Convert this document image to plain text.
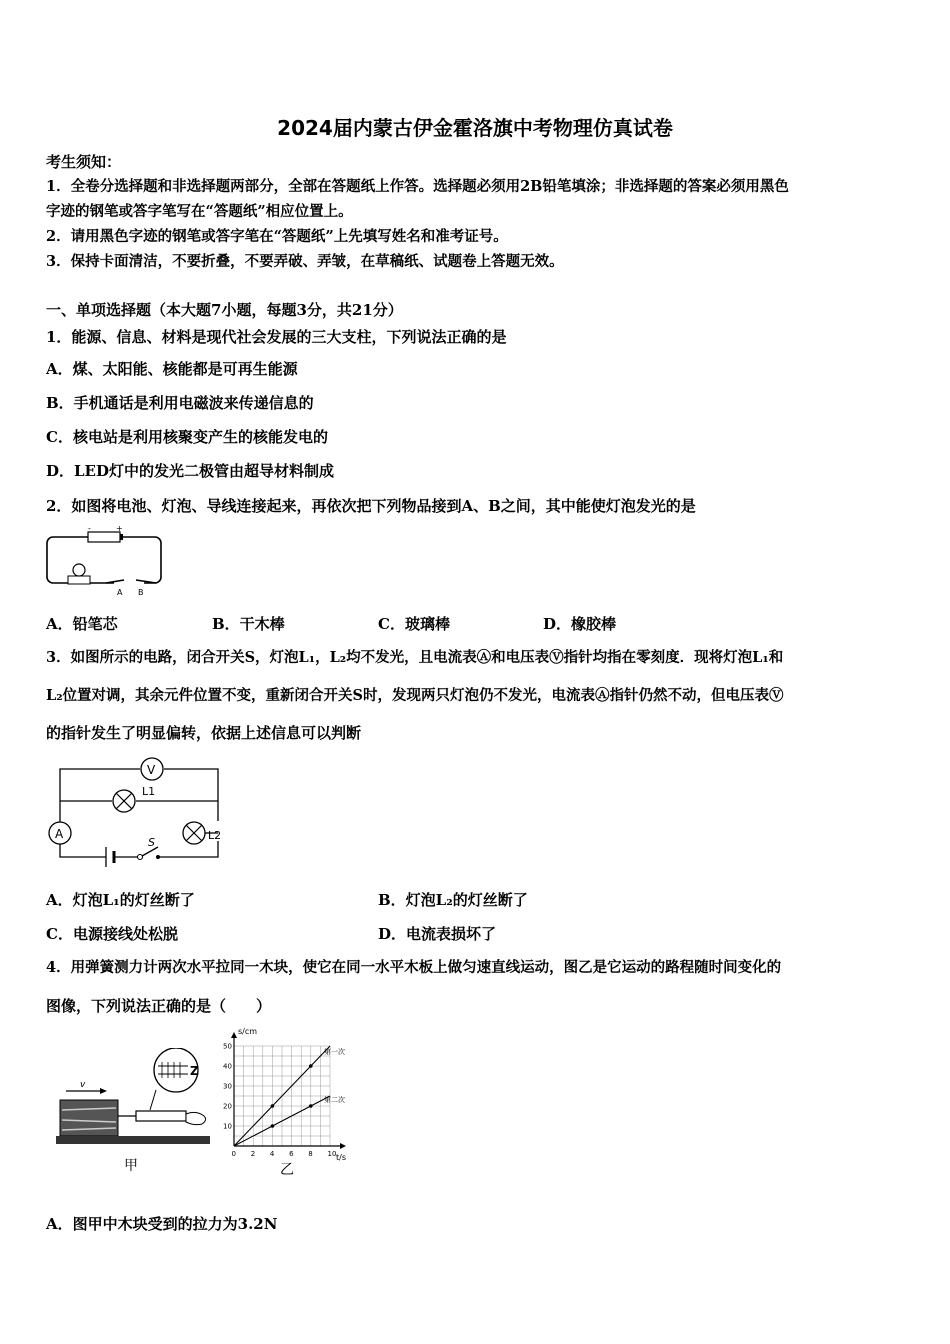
2024届内蒙古伊金霍洛旗中考物理仿真试卷
考生须知：
1．全卷分选择题和非选择题两部分，全部在答题纸上作答。选择题必须用2B铅笔填涂；非选择题的答案必须用黑色
字迹的钢笔或答字笔写在“答题纸”相应位置上。
2．请用黑色字迹的钢笔或答字笔在“答题纸”上先填写姓名和准考证号。
3．保持卡面清洁，不要折叠，不要弄破、弄皱，在草稿纸、试题卷上答题无效。
一、单项选择题（本大题7小题，每题3分，共21分）
1．能源、信息、材料是现代社会发展的三大支柱，下列说法正确的是
A．煤、太阳能、核能都是可再生能源
B．手机通话是利用电磁波来传递信息的
C．核电站是利用核聚变产生的核能发电的
D．LED灯中的发光二极管由超导材料制成
2．如图将电池、灯泡、导线连接起来，再依次把下列物品接到A、B之间，其中能使灯泡发光的是
-	+
A B
A．铅笔芯	B．干木棒	C．玻璃棒	D．橡胶棒
3．如图所示的电路，闭合开关S，灯泡L₁，L₂均不发光，且电流表Ⓐ和电压表Ⓥ指针均指在零刻度．现将灯泡L₁和
L₂位置对调，其余元件位置不变，重新闭合开关S时，发现两只灯泡仍不发光，电流表Ⓐ指针仍然不动，但电压表Ⓥ
的指针发生了明显偏转，依据上述信息可以判断
V
L1
A	L2
S
A．灯泡L₁的灯丝断了	B．灯泡L₂的灯丝断了
C．电源接线处松脱	D．电流表损坏了
4．用弹簧测力计两次水平拉同一木块，使它在同一水平木板上做匀速直线运动，图乙是它运动的路程随时间变化的
图像，下列说法正确的是（　　）
v
Z
甲
0 2 4 6 8 10
10
20
30
40
50
s/cm
t/s
第一次
第二次
乙
A．图甲中木块受到的拉力为3.2N
